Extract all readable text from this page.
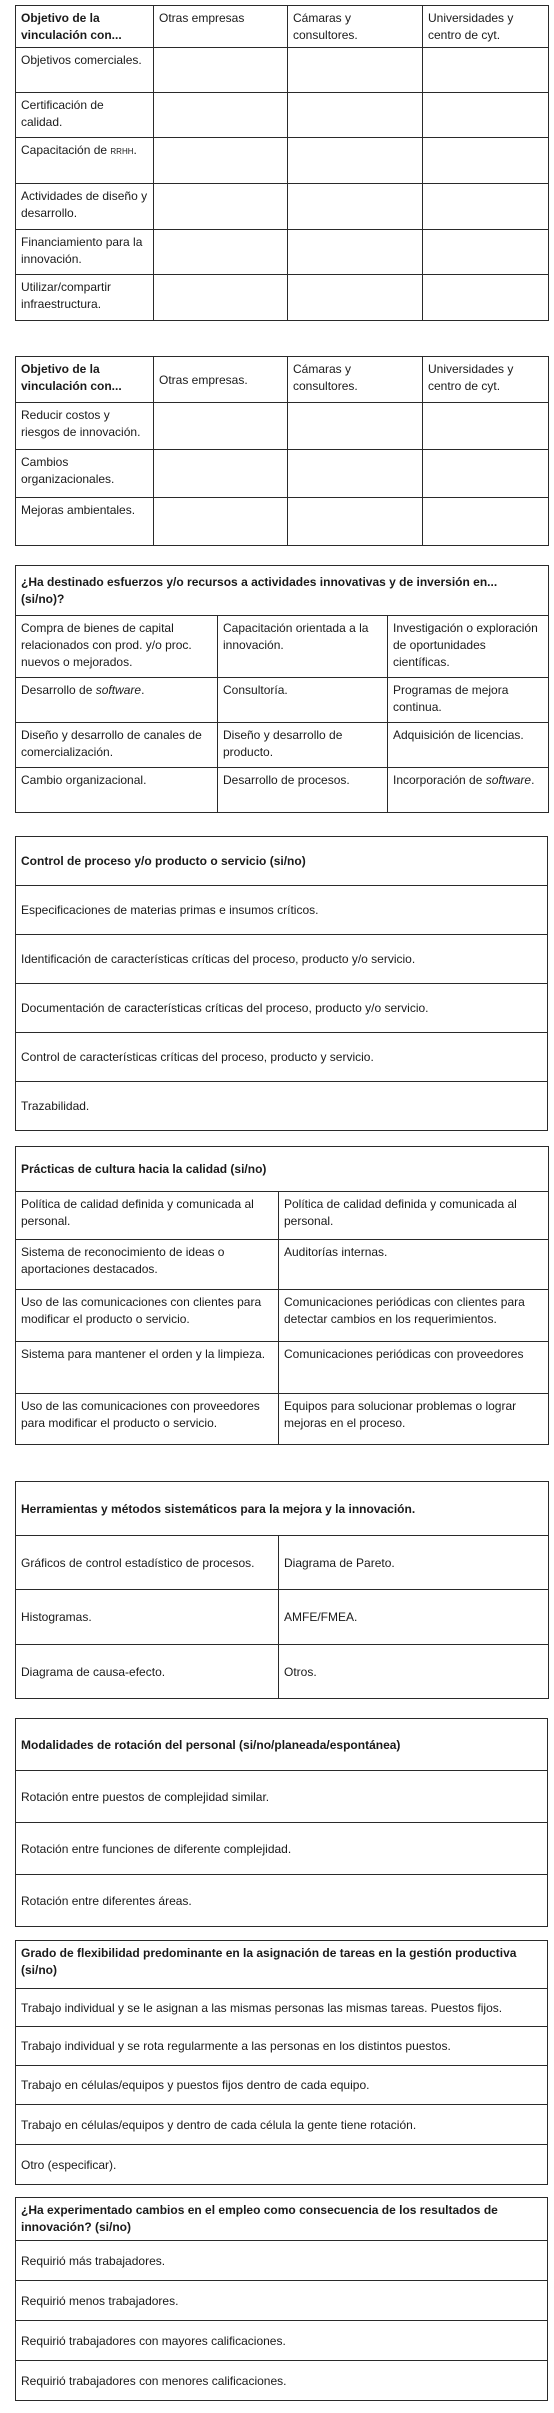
Objetivo de la vinculación con...	Otras empresas	Cámaras y consultores.	Universidades y centro de cyt.
Objetivos comerciales.			
Certificación de calidad.			
Capacitación de rrhh.			
Actividades de diseño y desarrollo.			
Financiamiento para la innovación.			
Utilizar/compartir infraestructura.			
Objetivo de la vinculación con...	Otras empresas.	Cámaras y consultores.	Universidades y centro de cyt.
Reducir costos y riesgos de innovación.			
Cambios organizacionales.			
Mejoras ambientales.			
¿Ha destinado esfuerzos y/o recursos a actividades innovativas y de inversión en... (si/no)?		
Compra de bienes de capital relacionados con prod. y/o proc. nuevos o mejorados.	Capacitación orientada a la innovación.	Investigación o exploración de oportunidades científicas.
Desarrollo de software.	Consultoría.	Programas de mejora continua.
Diseño y desarrollo de canales de comercialización.	Diseño y desarrollo de producto.	Adquisición de licencias.
Cambio organizacional.	Desarrollo de procesos.	Incorporación de software.
Control de proceso y/o producto o servicio (si/no)
Especificaciones de materias primas e insumos críticos.
Identificación de características críticas del proceso, producto y/o servicio.
Documentación de características críticas del proceso, producto y/o servicio.
Control de características críticas del proceso, producto y servicio.
Trazabilidad.
Prácticas de cultura hacia la calidad (si/no)	
Política de calidad definida y comunicada al personal.	Política de calidad definida y comunicada al personal.
Sistema de reconocimiento de ideas o aportaciones destacados.	Auditorías internas.
Uso de las comunicaciones con clientes para modificar el producto o servicio.	Comunicaciones periódicas con clientes para detectar cambios en los requerimientos.
Sistema para mantener el orden y la limpieza.	Comunicaciones periódicas con proveedores
Uso de las comunicaciones con proveedores para modificar el producto o servicio.	Equipos para solucionar problemas o lograr mejoras en el proceso.
Herramientas y métodos sistemáticos para la mejora y la innovación.	
Gráficos de control estadístico de procesos.	Diagrama de Pareto.
Histogramas.	AMFE/FMEA.
Diagrama de causa-efecto.	Otros.
Modalidades de rotación del personal (si/no/planeada/espontánea)
Rotación entre puestos de complejidad similar.
Rotación entre funciones de diferente complejidad.
Rotación entre diferentes áreas.
Grado de flexibilidad predominante en la asignación de tareas en la gestión productiva (si/no)
Trabajo individual y se le asignan a las mismas personas las mismas tareas. Puestos fijos.
Trabajo individual y se rota regularmente a las personas en los distintos puestos.
Trabajo en células/equipos y puestos fijos dentro de cada equipo.
Trabajo en células/equipos y dentro de cada célula la gente tiene rotación.
Otro (especificar).
¿Ha experimentado cambios en el empleo como consecuencia de los resultados de innovación? (si/no)
Requirió más trabajadores.
Requirió menos trabajadores.
Requirió trabajadores con mayores calificaciones.
Requirió trabajadores con menores calificaciones.
